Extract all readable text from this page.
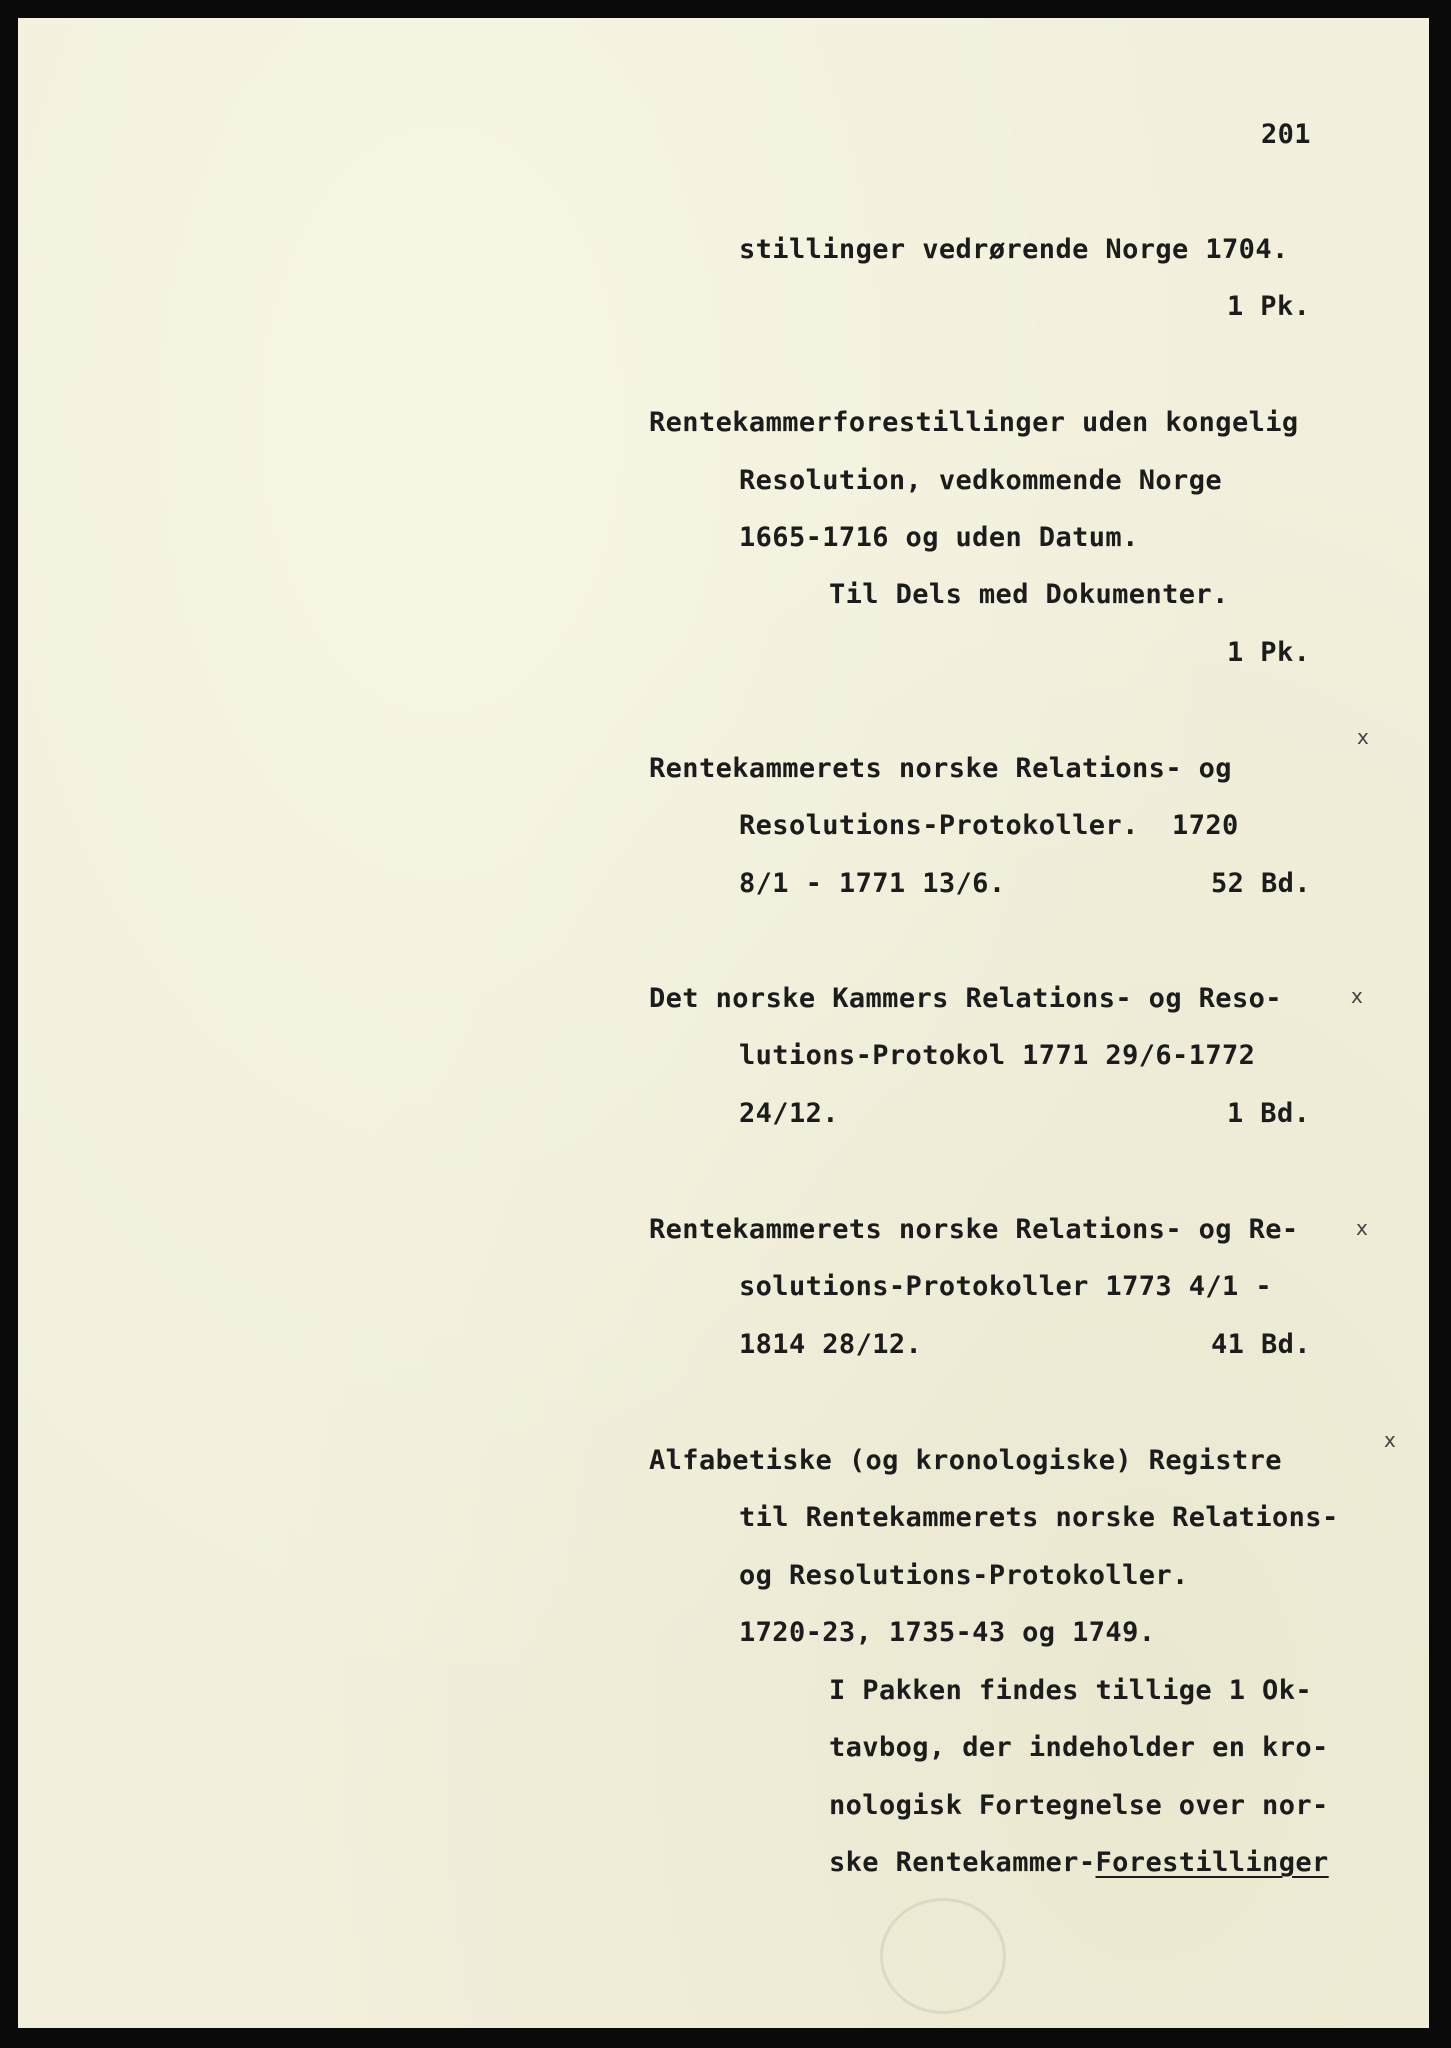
201
stillinger vedrørende Norge 1704.
1 Pk.
Rentekammerforestillinger uden kongelig
Resolution, vedkommende Norge
1665-1716 og uden Datum.
Til Dels med Dokumenter.
1 Pk.
x
Rentekammerets norske Relations- og
Resolutions-Protokoller.  1720
8/1 - 1771 13/6.	52 Bd.
x
Det norske Kammers Relations- og Reso-
lutions-Protokol 1771 29/6-1772
24/12.	1 Bd.
x
Rentekammerets norske Relations- og Re-
solutions-Protokoller 1773 4/1 -
1814 28/12.	41 Bd.
x
Alfabetiske (og kronologiske) Registre
til Rentekammerets norske Relations-
og Resolutions-Protokoller.
1720-23, 1735-43 og 1749.
I Pakken findes tillige 1 Ok-
tavbog, der indeholder en kro-
nologisk Fortegnelse over nor-
ske Rentekammer-Forestillinger
